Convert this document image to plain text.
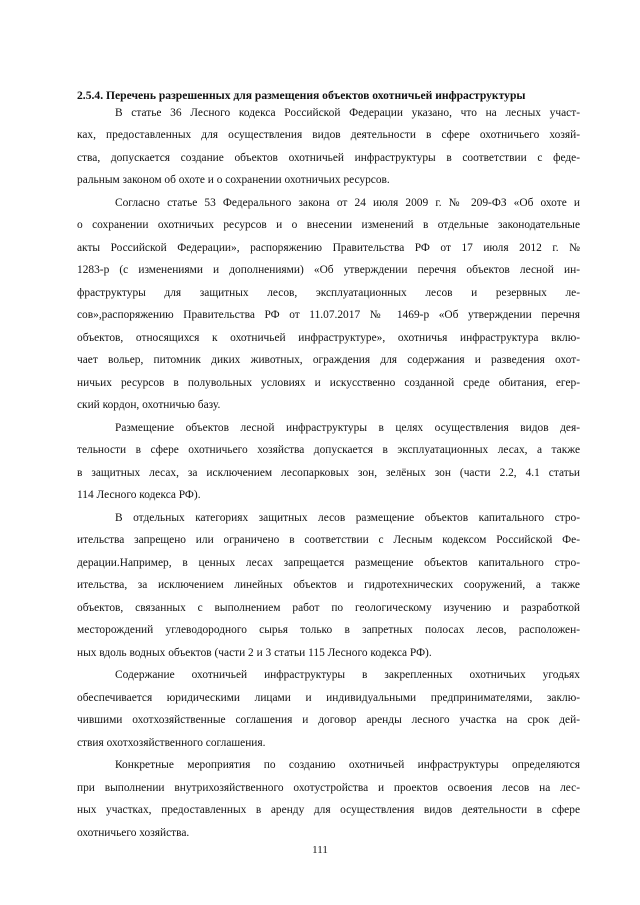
2.5.4. Перечень разрешенных для размещения объектов охотничьей инфраструктуры
В статье 36 Лесного кодекса Российской Федерации указано, что на лесных участ-
ках, предоставленных для осуществления видов деятельности в сфере охотничьего хозяй-
ства, допускается создание объектов охотничьей инфраструктуры в соответствии с феде-
ральным законом об охоте и о сохранении охотничьих ресурсов.
Согласно статье 53 Федерального закона от 24 июля 2009 г. № 209-ФЗ «Об охоте и
о сохранении охотничьих ресурсов и о внесении изменений в отдельные законодательные
акты Российской Федерации», распоряжению Правительства РФ от 17 июля 2012 г. №
1283-р (с изменениями и дополнениями) «Об утверждении перечня объектов лесной ин-
фраструктуры для защитных лесов, эксплуатационных лесов и резервных ле-
сов»,распоряжению Правительства РФ от 11.07.2017 № 1469-р «Об утверждении перечня
объектов, относящихся к охотничьей инфраструктуре», охотничья инфраструктура вклю-
чает вольер, питомник диких животных, ограждения для содержания и разведения охот-
ничьих ресурсов в полувольных условиях и искусственно созданной среде обитания, егер-
ский кордон, охотничью базу.
Размещение объектов лесной инфраструктуры в целях осуществления видов дея-
тельности в сфере охотничьего хозяйства допускается в эксплуатационных лесах, а также
в защитных лесах, за исключением лесопарковых зон, зелёных зон (части 2.2, 4.1 статьи
114 Лесного кодекса РФ).
В отдельных категориях защитных лесов размещение объектов капитального стро-
ительства запрещено или ограничено в соответствии с Лесным кодексом Российской Фе-
дерации.Например, в ценных лесах запрещается размещение объектов капитального стро-
ительства, за исключением линейных объектов и гидротехнических сооружений, а также
объектов, связанных с выполнением работ по геологическому изучению и разработкой
месторождений углеводородного сырья только в запретных полосах лесов, расположен-
ных вдоль водных объектов (части 2 и 3 статьи 115 Лесного кодекса РФ).
Содержание охотничьей инфраструктуры в закрепленных охотничьих угодьях
обеспечивается юридическими лицами и индивидуальными предпринимателями, заклю-
чившими охотхозяйственные соглашения и договор аренды лесного участка на срок дей-
ствия охотхозяйственного соглашения.
Конкретные мероприятия по созданию охотничьей инфраструктуры определяются
при выполнении внутрихозяйственного охотустройства и проектов освоения лесов на лес-
ных участках, предоставленных в аренду для осуществления видов деятельности в сфере
охотничьего хозяйства.
111
